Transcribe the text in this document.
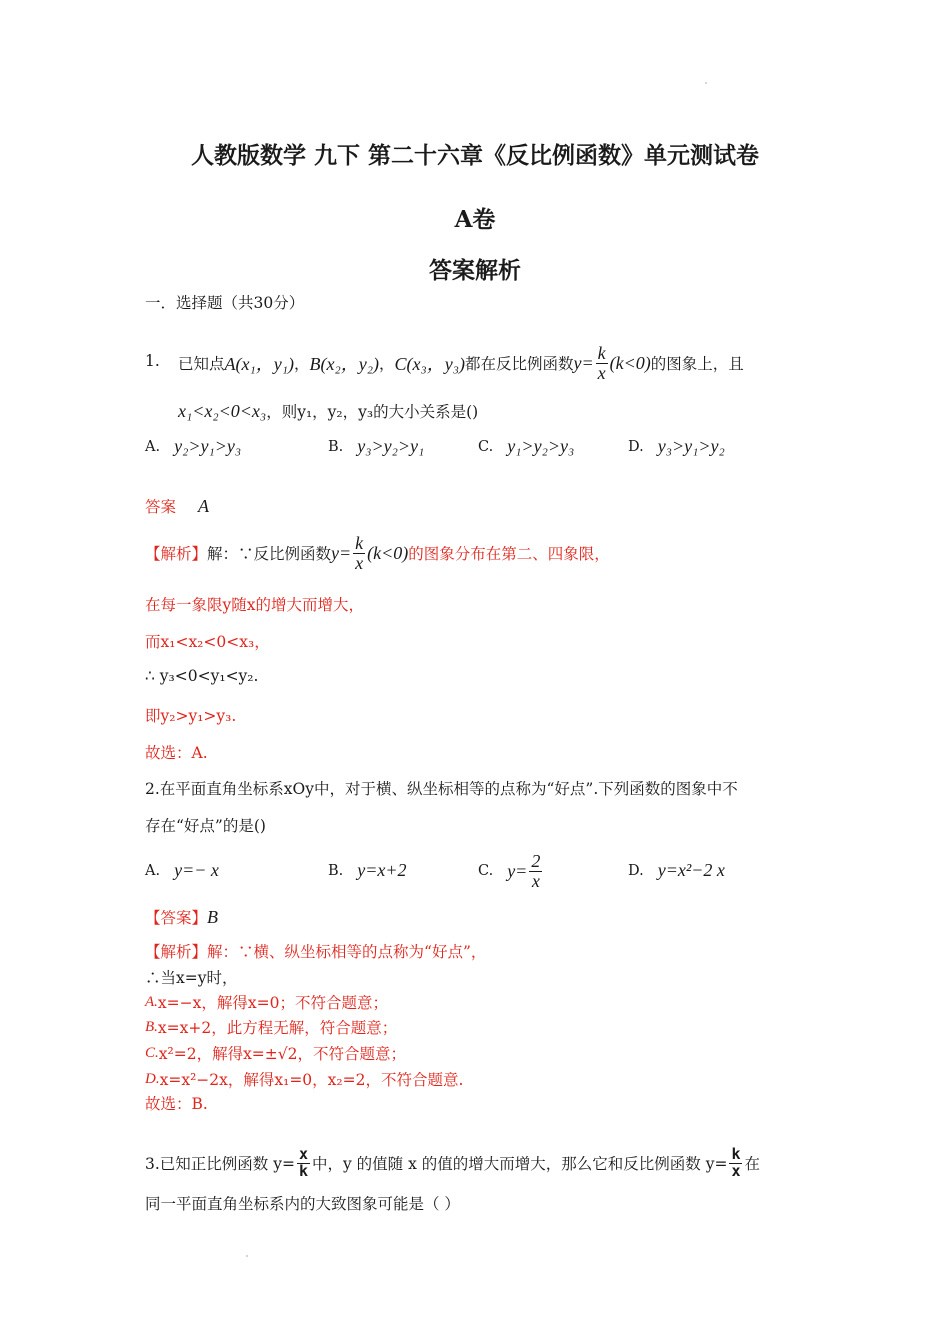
人教版数学 九下 第二十六章《反比例函数》单元测试卷
A卷
答案解析
一．选择题（共30分）
1. 已知点 A(x₁，y₁) ， B(x₂，y₂) ， C(x₃，y₃) 都在反比例函数 $y= \frac{k}{x} (k<0)$ 的图象上，且
x₁<x₂<0<x₃ ，则y₁，y₂，y₃的大小关系是()
A. y₂>y₁>y₃	B. y₃>y₂>y₁	C. y₁>y₂>y₃	D. y₃>y₁>y₂
答案 A
【解析】 解：∵反比例函数 $y= \frac{k}{x} (k<0)$ 的图象分布在第二、四象限，
在每一象限y随x的增大而增大，
而x₁<x₂<0<x₃，
∴ y₃<0<y₁<y₂.
即y₂>y₁>y₃.
故选：A.
2.在平面直角坐标系xOy中，对于横、纵坐标相等的点称为“好点”.下列函数的图象中不
存在“好点”的是()
A. y=− x	B. y=x+2	C. $y= \frac{2}{x}$	D. y=x²−2 x
【答案】 B
【解析】 解：∵横、纵坐标相等的点称为“好点”，
∴当x=y时，
A. x=−x，解得x=0；不符合题意；
B. x=x+2，此方程无解，符合题意；
C. x²=2，解得x=±√2，不符合题意；
D. x=x²−2x，解得x₁=0，x₂=2，不符合题意.
故选：B.
3.已知正比例函数 $y= \frac{x}{k}$ 中，y 的值随 x 的值的增大而增大，那么它和反比例函数 $y= \frac{k}{x}$ 在
同一平面直角坐标系内的大致图象可能是（ ）
